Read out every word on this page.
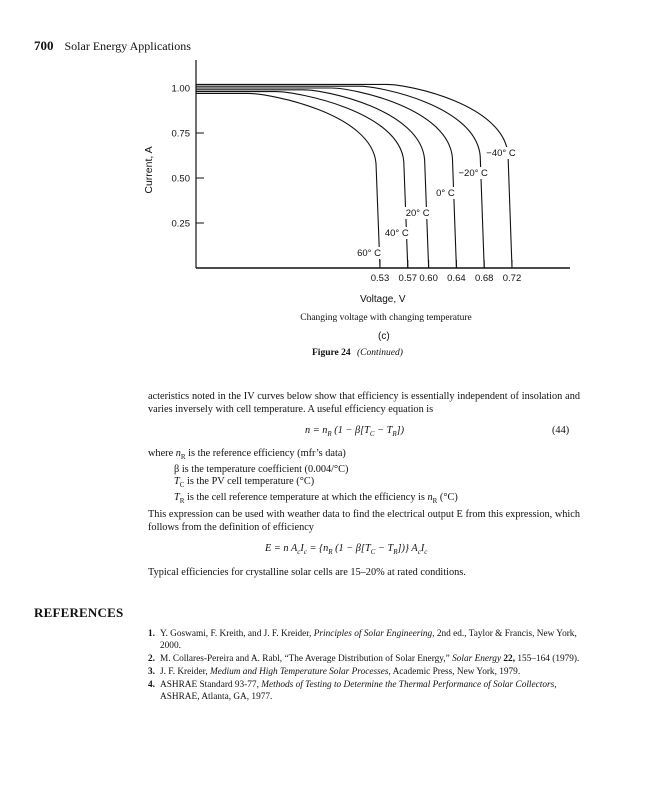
700 Solar Energy Applications
1.00
0.75
0.50
0.25
0.53 0.57 0.60 0.64 0.68 0.72
Current, A	−40° C
−20° C
0° C
20° C
40° C
60° C
Voltage, V
Changing voltage with changing temperature
(c)
Figure 24 (Continued)
acteristics noted in the IV curves below show that efficiency is essentially independent of insolation and varies inversely with cell temperature. A useful efficiency equation is
$n = n_R$ $(1 - \beta[T_C - T_R])$	(44)
where $n_R$ is the reference efficiency (mfr’s data)
β is the temperature coefficient (0.004/°C)
$T_C$ is the PV cell temperature (°C)
$T_R$ is the cell reference temperature at which the efficiency is $n_R$ (°C)
This expression can be used with weather data to find the electrical output E from this expression, which follows from the definition of efficiency
E = n $A_cI_c = \{n_R$ $(1 - \beta[T_C - T_R])$} $A_cI_c$
Typical efficiencies for crystalline solar cells are 15–20% at rated conditions.
REFERENCES
1. Y. Goswami, F. Kreith, and J. F. Kreider, Principles of Solar Engineering, 2nd ed., Taylor & Francis, New York, 2000.
2. M. Collares-Pereira and A. Rabl, “The Average Distribution of Solar Energy,” Solar Energy 22, 155–164 (1979).
3. J. F. Kreider, Medium and High Temperature Solar Processes, Academic Press, New York, 1979.
4. ASHRAE Standard 93-77, Methods of Testing to Determine the Thermal Performance of Solar Collectors, ASHRAE, Atlanta, GA, 1977.
